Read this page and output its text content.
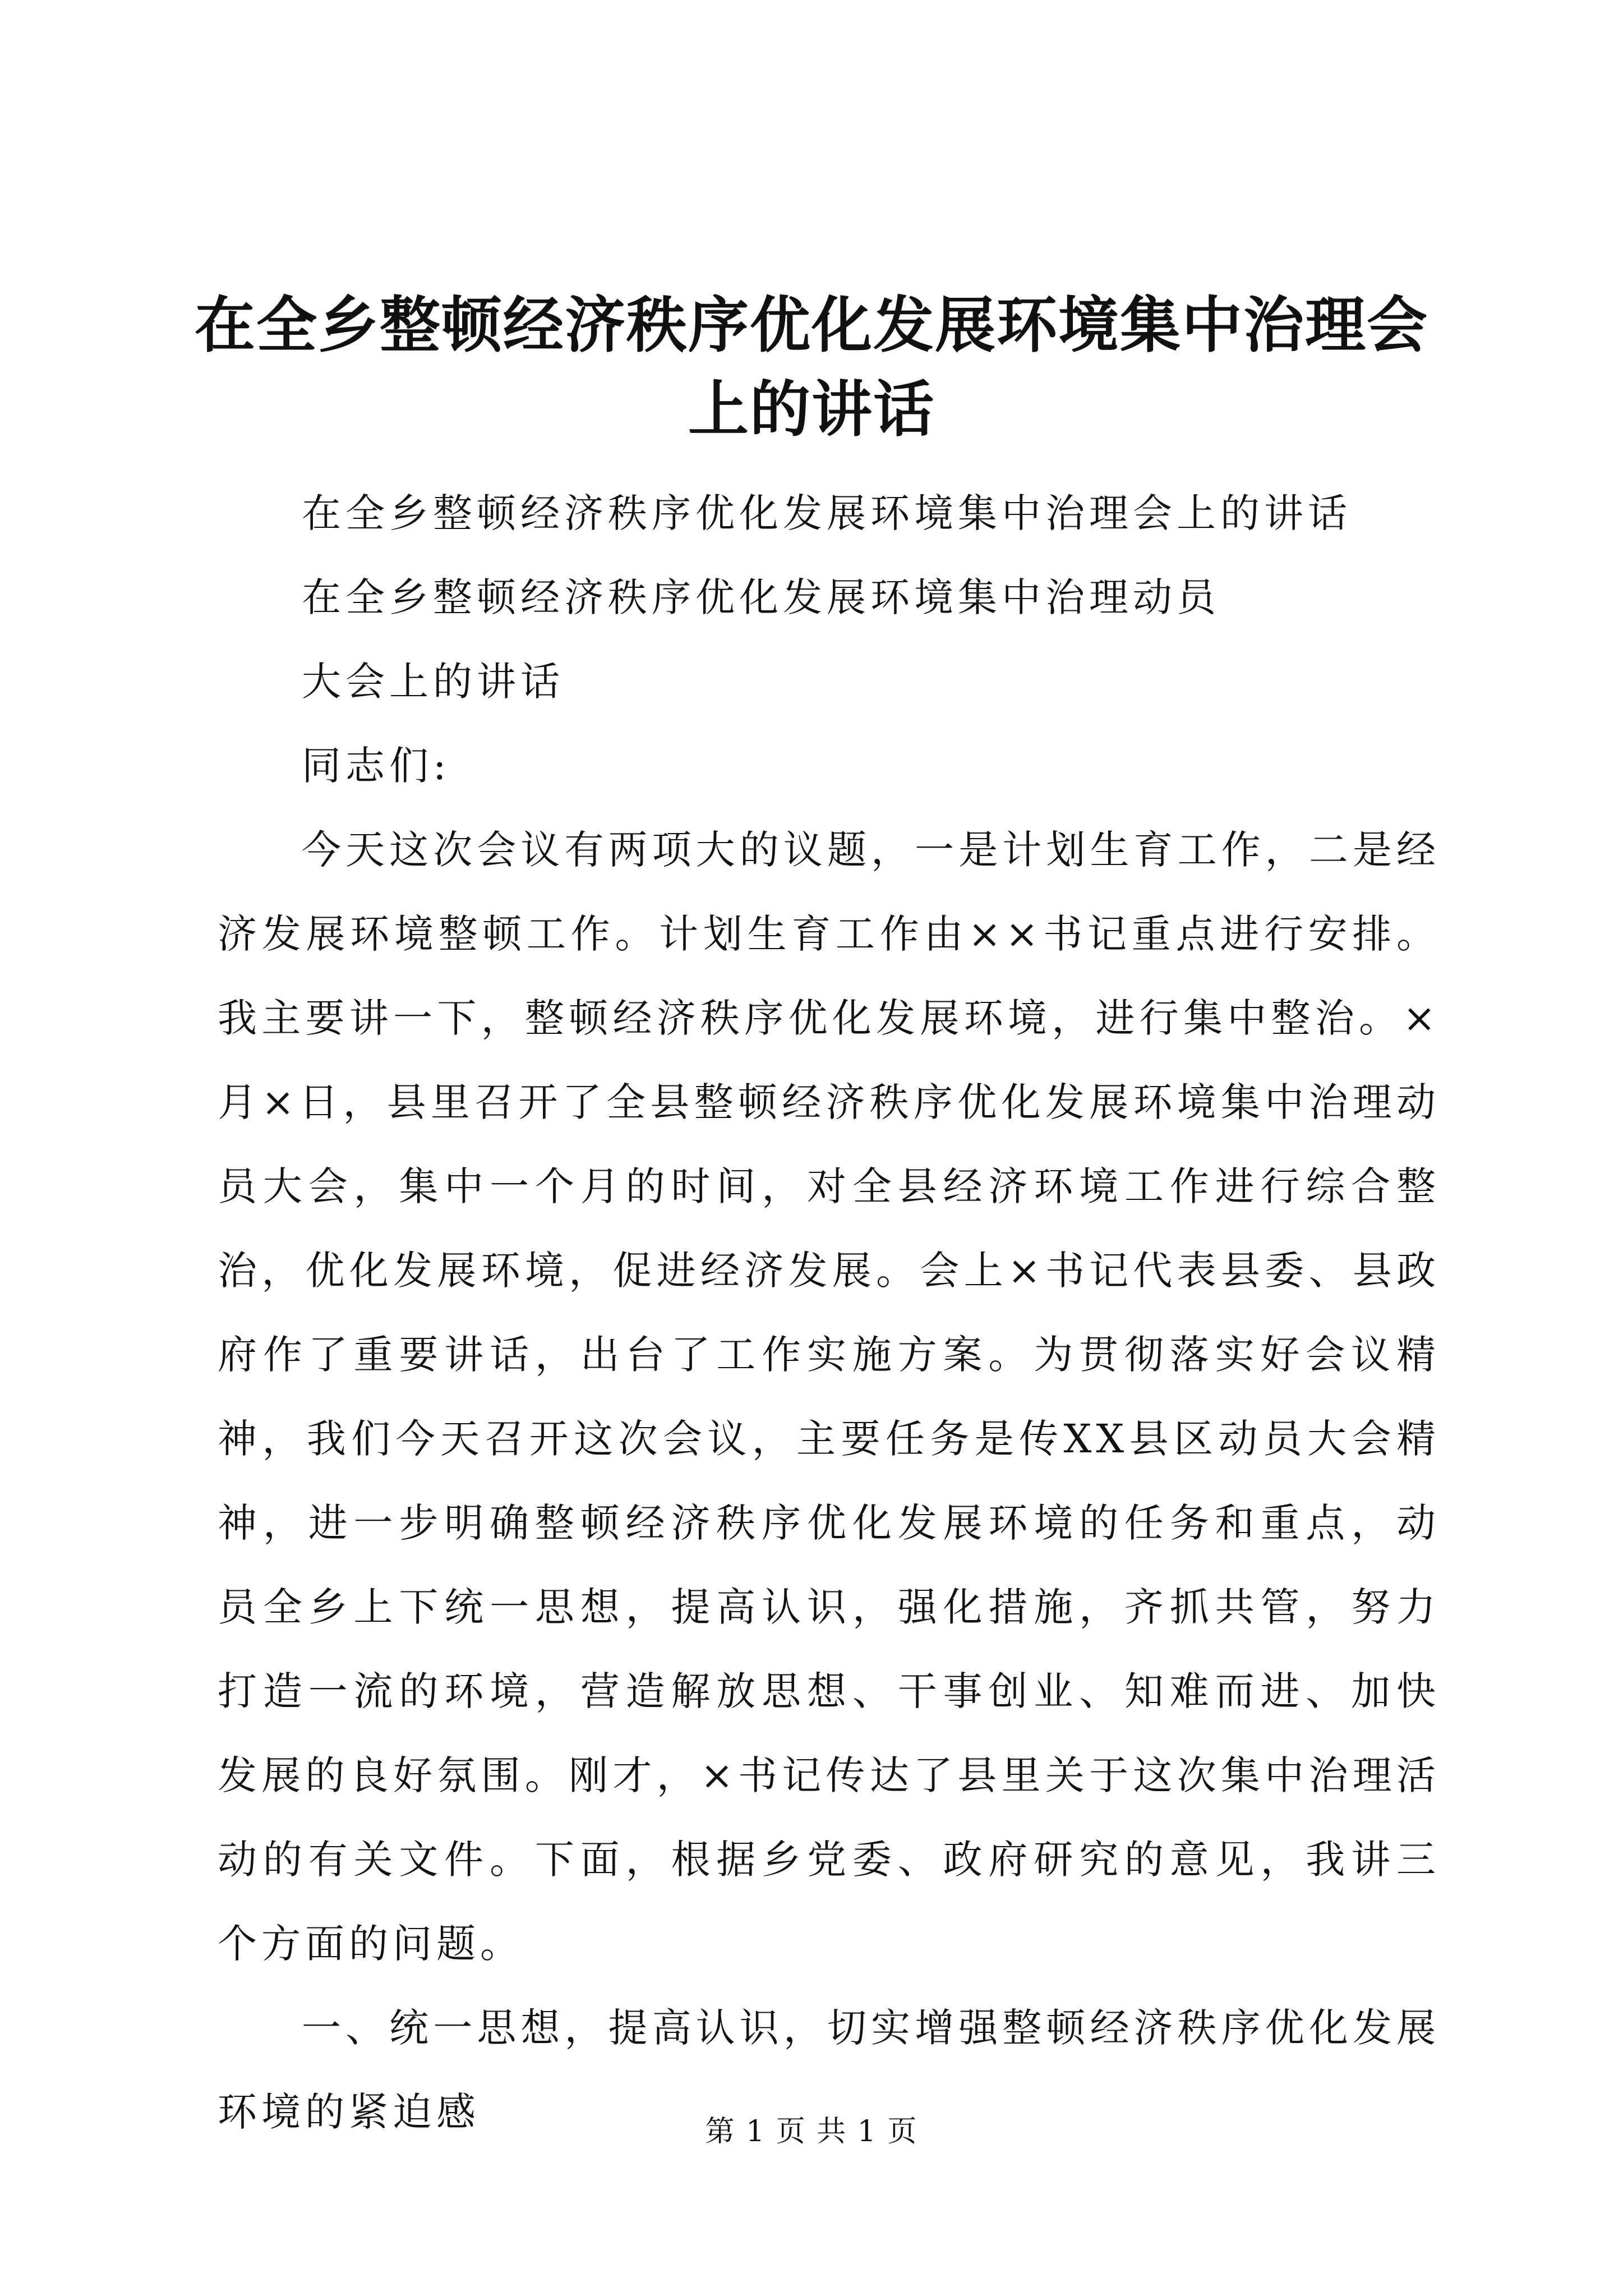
在全乡整顿经济秩序优化发展环境集中治理会
上的讲话

在全乡整顿经济秩序优化发展环境集中治理会上的讲话

在全乡整顿经济秩序优化发展环境集中治理动员

大会上的讲话

同志们:

今天这次会议有两项大的议题，一是计划生育工作，二是经济发展环境整顿工作。计划生育工作由××书记重点进行安排。我主要讲一下，整顿经济秩序优化发展环境，进行集中整治。×月×日，县里召开了全县整顿经济秩序优化发展环境集中治理动员大会，集中一个月的时间，对全县经济环境工作进行综合整治，优化发展环境，促进经济发展。会上×书记代表县委、县政府作了重要讲话，出台了工作实施方案。为贯彻落实好会议精神，我们今天召开这次会议，主要任务是传XX县区动员大会精神，进一步明确整顿经济秩序优化发展环境的任务和重点，动员全乡上下统一思想，提高认识，强化措施，齐抓共管，努力打造一流的环境，营造解放思想、干事创业、知难而进、加快发展的良好氛围。刚才，×书记传达了县里关于这次集中治理活动的有关文件。下面，根据乡党委、政府研究的意见，我讲三个方面的问题。

一、统一思想，提高认识，切实增强整顿经济秩序优化发展环境的紧迫感	第 1 页 共 1 页
